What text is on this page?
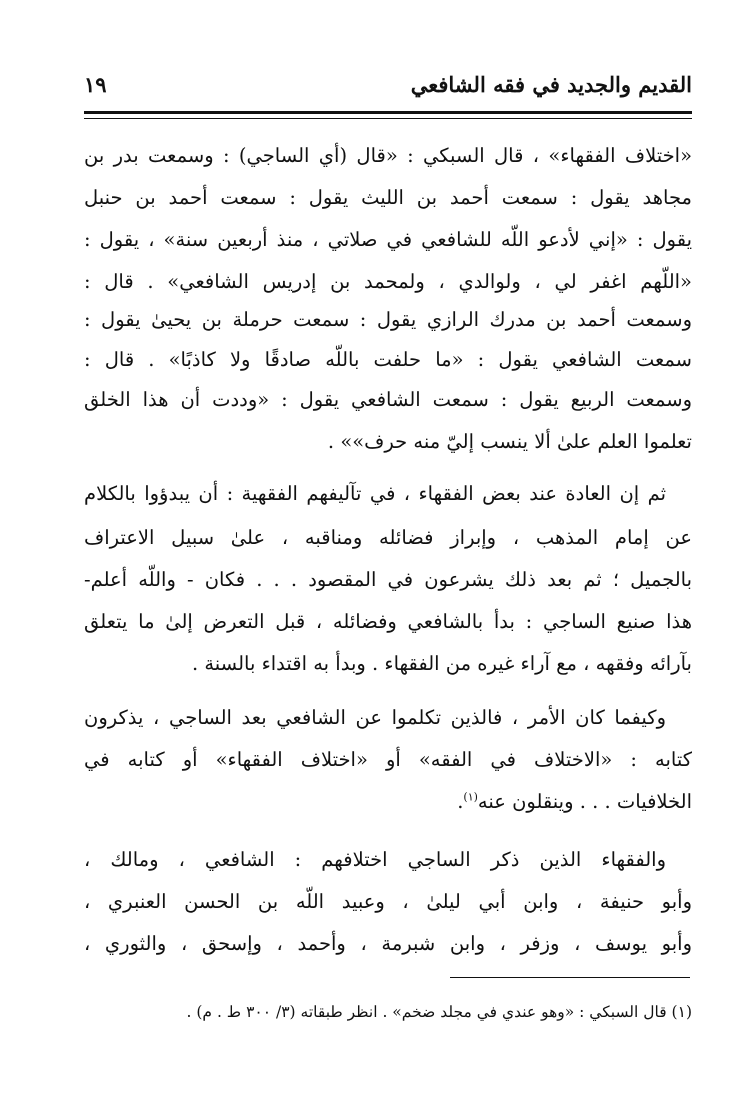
القديم والجديد في فقه الشافعي
١٩
«اختلاف الفقهاء» ، قال السبكي : «قال (أي الساجي) : وسمعت بدر بن
مجاهد يقول : سمعت أحمد بن الليث يقول : سمعت أحمد بن حنبل
يقول : «إني لأدعو اللّه للشافعي في صلاتي ، منذ أربعين سنة» ، يقول :
«اللّهم اغفر لي ، ولوالدي ، ولمحمد بن إدريس الشافعي» . قال :
وسمعت أحمد بن مدرك الرازي يقول : سمعت حرملة بن يحيىٰ يقول :
سمعت الشافعي يقول : «ما حلفت باللّه صادقًا ولا كاذبًا» . قال :
وسمعت الربيع يقول : سمعت الشافعي يقول : «وددت أن هذا الخلق
تعلموا العلم علىٰ ألا ينسب إليّ منه حرف»» .
ثم إن العادة عند بعض الفقهاء ، في تآليفهم الفقهية : أن يبدؤوا بالكلام
عن إمام المذهب ، وإبراز فضائله ومناقبه ، علىٰ سبيل الاعتراف
بالجميل ؛ ثم بعد ذلك يشرعون في المقصود . . . فكان - واللّه أعلم-
هذا صنيع الساجي : بدأ بالشافعي وفضائله ، قبل التعرض إلىٰ ما يتعلق
بآرائه وفقهه ، مع آراء غيره من الفقهاء . وبدأ به اقتداء بالسنة .
وكيفما كان الأمر ، فالذين تكلموا عن الشافعي بعد الساجي ، يذكرون
كتابه : «الاختلاف في الفقه» أو «اختلاف الفقهاء» أو كتابه في
الخلافيات . . . وينقلون عنه$^{(١)}$.
والفقهاء الذين ذكر الساجي اختلافهم : الشافعي ، ومالك ،
وأبو حنيفة ، وابن أبي ليلىٰ ، وعبيد اللّه بن الحسن العنبري ،
وأبو يوسف ، وزفر ، وابن شبرمة ، وأحمد ، وإسحق ، والثوري ،
(١) قال السبكي : «وهو عندي في مجلد ضخم» . انظر طبقاته (٣/ ٣٠٠ ط . م) .
